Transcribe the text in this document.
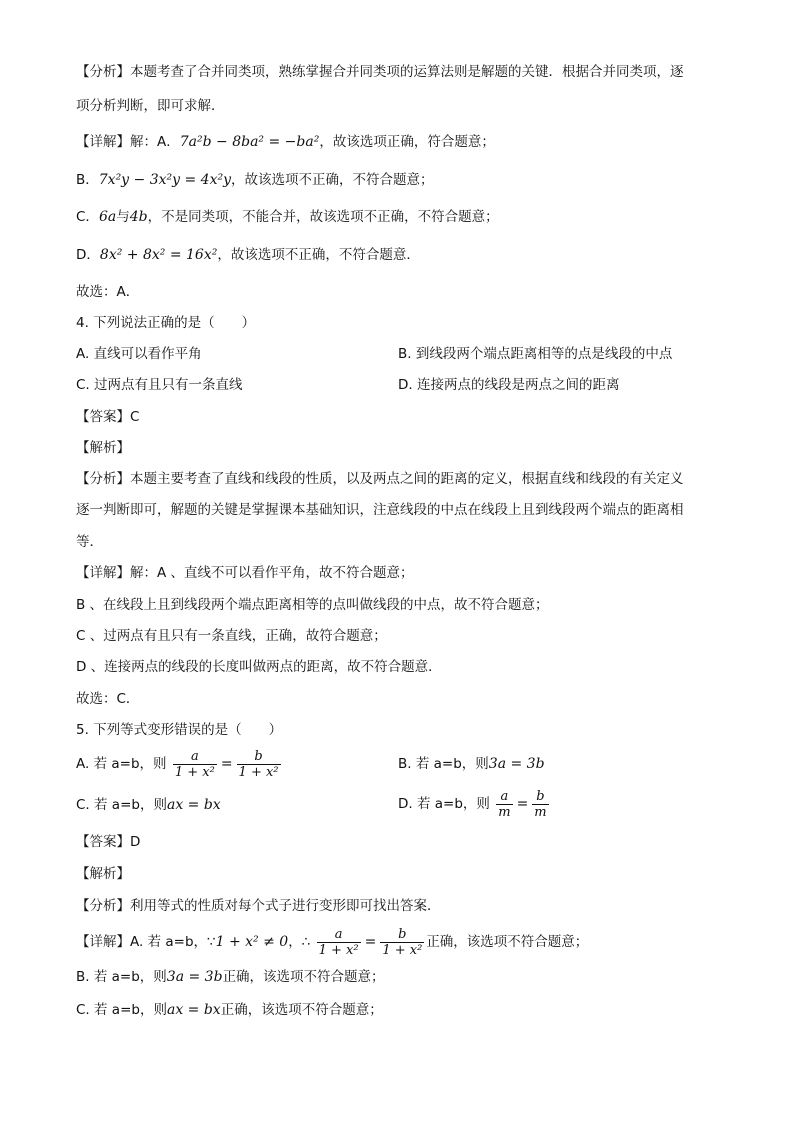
【分析】本题考查了合并同类项，熟练掌握合并同类项的运算法则是解题的关键．根据合并同类项，逐
项分析判断，即可求解．
【详解】解：A．7a²b − 8ba² = −ba²，故该选项正确，符合题意；
B．7x²y − 3x²y = 4x²y，故该选项不正确，不符合题意；
C．6a与4b，不是同类项，不能合并，故该选项不正确，不符合题意；
D．8x² + 8x² = 16x²，故该选项不正确，不符合题意．
故选：A．
4. 下列说法正确的是（　　）
A. 直线可以看作平角	B. 到线段两个端点距离相等的点是线段的中点
C. 过两点有且只有一条直线	D. 连接两点的线段是两点之间的距离
【答案】C
【解析】
【分析】本题主要考查了直线和线段的性质，以及两点之间的距离的定义，根据直线和线段的有关定义
逐一判断即可，解题的关键是掌握课本基础知识，注意线段的中点在线段上且到线段两个端点的距离相
等．
【详解】解：A 、直线不可以看作平角，故不符合题意；
B 、在线段上且到线段两个端点距离相等的点叫做线段的中点，故不符合题意；
C 、过两点有且只有一条直线，正确，故符合题意；
D 、连接两点的线段的长度叫做两点的距离，故不符合题意．
故选：C．
5. 下列等式变形错误的是（　　）
A. 若 a=b，则 $\frac{a}{\text{1 + x²}} = \frac{b}{\text{1 + x²}}$	B. 若 a=b，则3a = 3b
C. 若 a=b，则ax = bx	D. 若 a=b，则 $\frac{a}{m} = \frac{b}{m}$
【答案】D
【解析】
【分析】利用等式的性质对每个式子进行变形即可找出答案．
【详解】A. 若 a=b，∵1 + x² ≠ 0，∴ $\frac{a}{\text{1 + x²}} = \frac{b}{\text{1 + x²}}$ 正确，该选项不符合题意；
B. 若 a=b，则3a = 3b正确，该选项不符合题意；
C. 若 a=b，则ax = bx正确，该选项不符合题意；
